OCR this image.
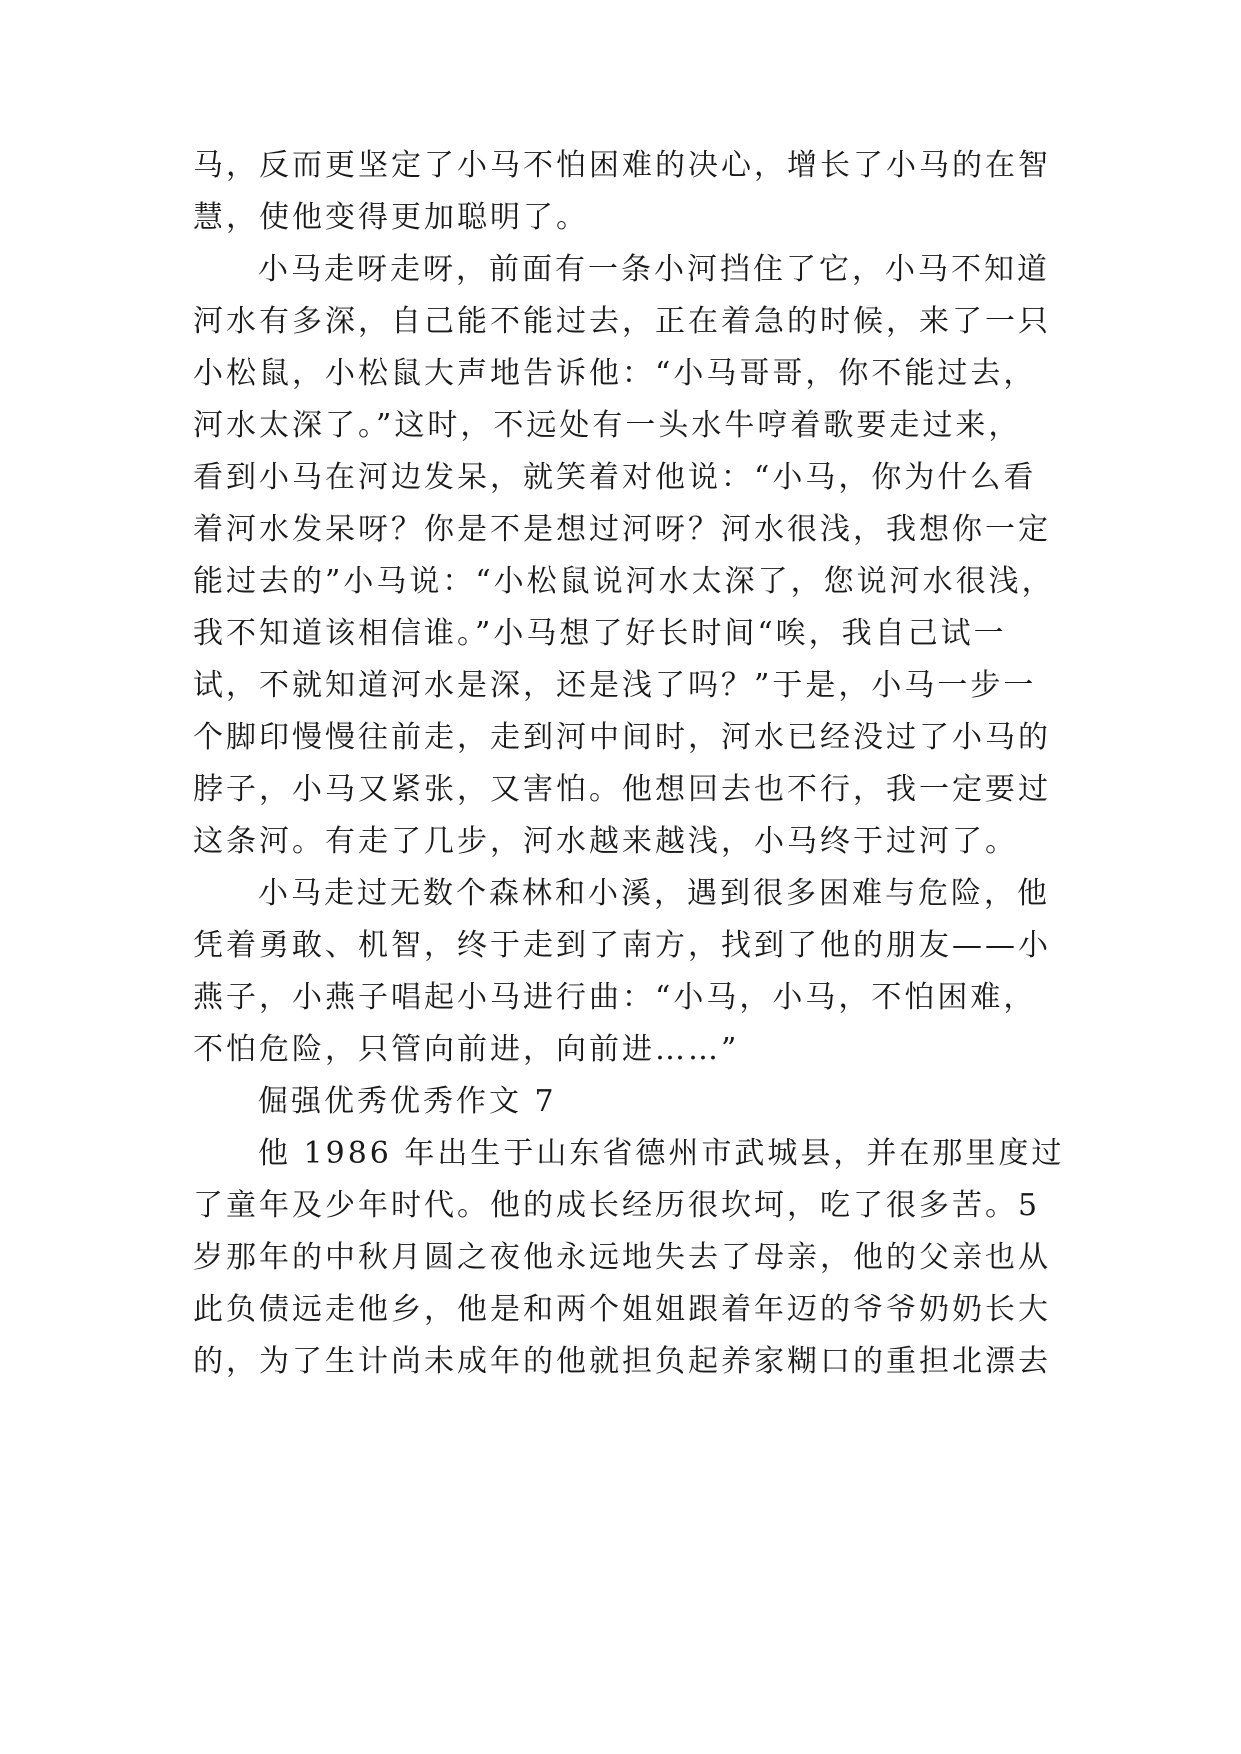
马，反而更坚定了小马不怕困难的决心，增长了小马的在智
慧，使他变得更加聪明了。
小马走呀走呀，前面有一条小河挡住了它，小马不知道
河水有多深，自己能不能过去，正在着急的时候，来了一只
小松鼠，小松鼠大声地告诉他：“小马哥哥，你不能过去，
河水太深了。”这时，不远处有一头水牛哼着歌要走过来，
看到小马在河边发呆，就笑着对他说：“小马，你为什么看
着河水发呆呀？你是不是想过河呀？河水很浅，我想你一定
能过去的”小马说：“小松鼠说河水太深了，您说河水很浅，
我不知道该相信谁。”小马想了好长时间“唉，我自己试一
试，不就知道河水是深，还是浅了吗？”于是，小马一步一
个脚印慢慢往前走，走到河中间时，河水已经没过了小马的
脖子，小马又紧张，又害怕。他想回去也不行，我一定要过
这条河。有走了几步，河水越来越浅，小马终于过河了。
小马走过无数个森林和小溪，遇到很多困难与危险，他
凭着勇敢、机智，终于走到了南方，找到了他的朋友——小
燕子，小燕子唱起小马进行曲：“小马，小马，不怕困难，
不怕危险，只管向前进，向前进……”
倔强优秀优秀作文 7
他 1986 年出生于山东省德州市武城县，并在那里度过
了童年及少年时代。他的成长经历很坎坷，吃了很多苦。5
岁那年的中秋月圆之夜他永远地失去了母亲，他的父亲也从
此负债远走他乡，他是和两个姐姐跟着年迈的爷爷奶奶长大
的，为了生计尚未成年的他就担负起养家糊口的重担北漂去
